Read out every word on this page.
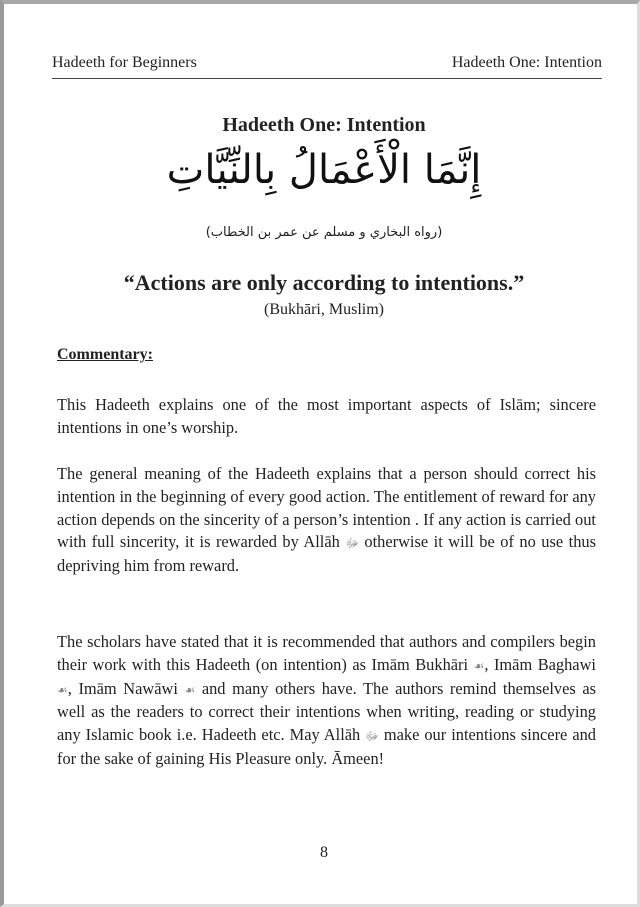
Hadeeth for Beginners	Hadeeth One: Intention
Hadeeth One: Intention
إِنَّمَا الْأَعْمَالُ بِالنِّيَّاتِ
(رواه البخاري و مسلم عن عمر بن الخطاب)
“Actions are only according to intentions.”
(Bukhāri, Muslim)
Commentary:

This Hadeeth explains one of the most important aspects of Islām; sincere intentions in one’s worship.

The general meaning of the Hadeeth explains that a person should correct his intention in the beginning of every good action. The entitlement of reward for any action depends on the sincerity of a person’s intention . If any action is carried out with full sincerity, it is rewarded by Allāh ﷻ otherwise it will be of no use thus depriving him from reward.

The scholars have stated that it is recommended that authors and compilers begin their work with this Hadeeth (on intention) as Imām Bukhāri ☙, Imām Baghawi ☙, Imām Nawāwi ☙ and many others have. The authors remind themselves as well as the readers to correct their intentions when writing, reading or studying any Islamic book i.e. Hadeeth etc. May Allāh ﷻ make our intentions sincere and for the sake of gaining His Pleasure only. Āmeen!

8
